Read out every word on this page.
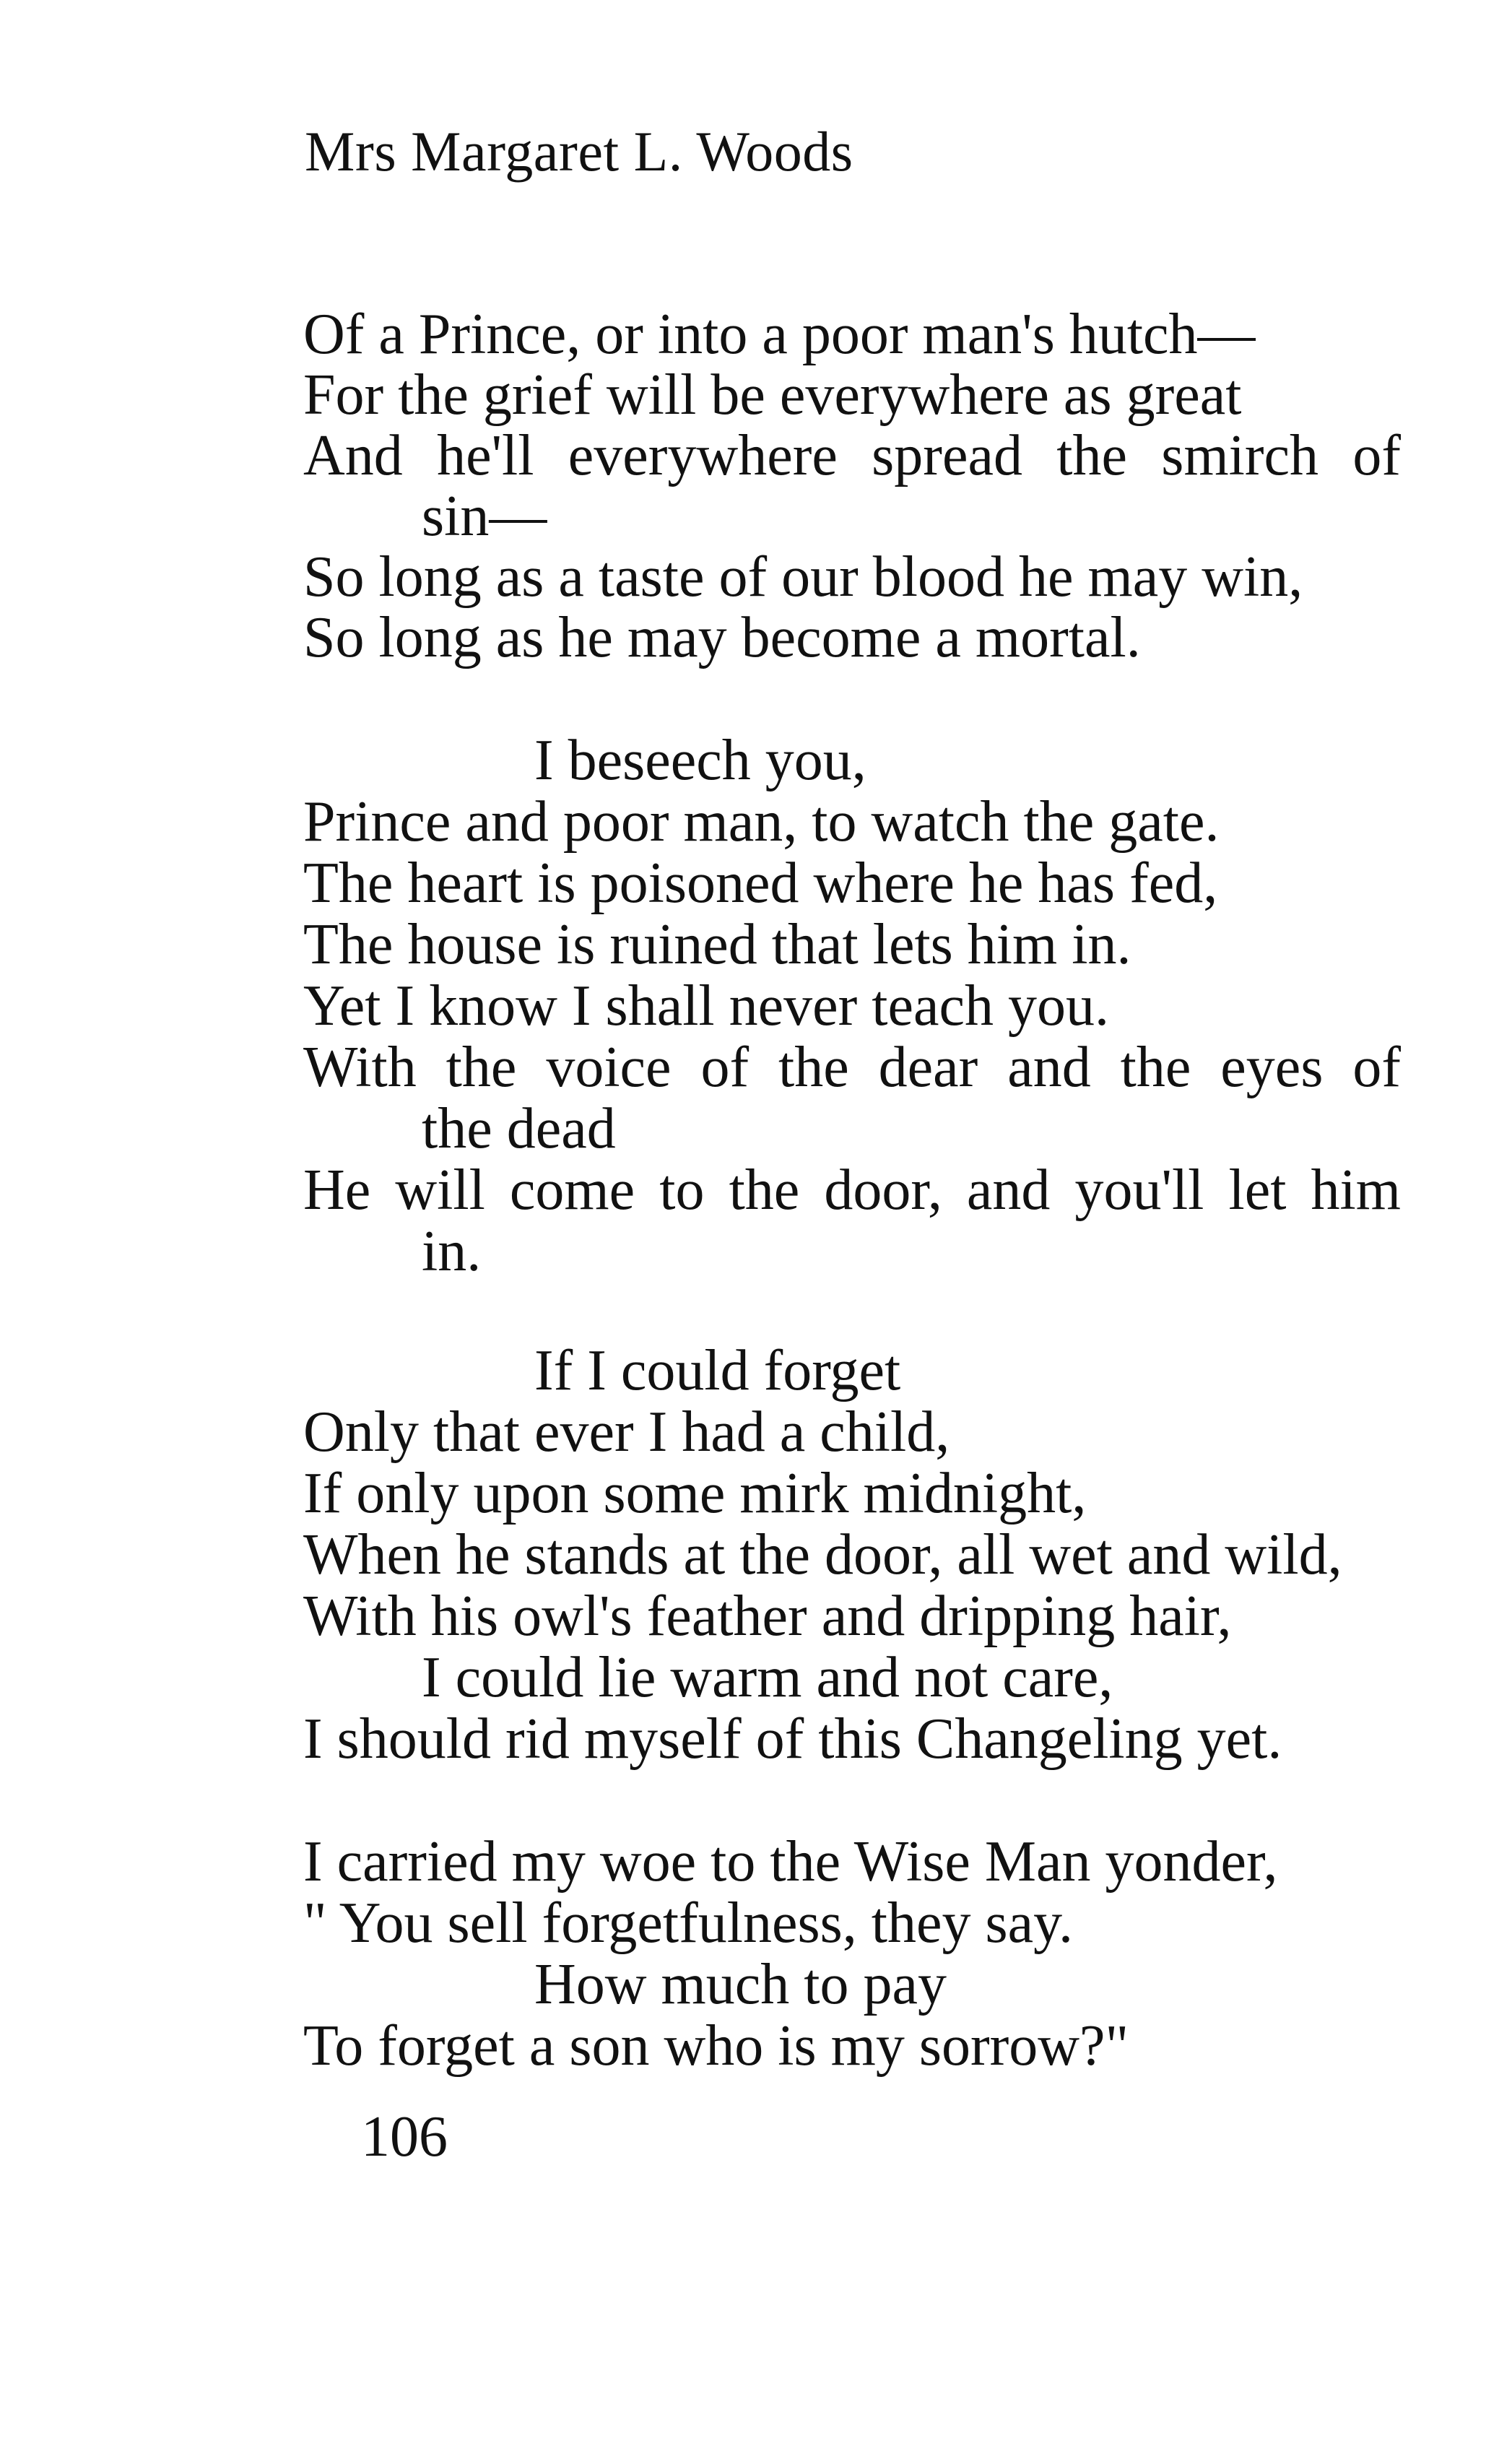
Mrs Margaret L. Woods
Of a Prince, or into a poor man's hutch—
For the grief will be everywhere as great
And he'll everywhere spread the smirch of
sin—
So long as a taste of our blood he may win,
So long as he may become a mortal.
I beseech you,
Prince and poor man, to watch the gate.
The heart is poisoned where he has fed,
The house is ruined that lets him in.
Yet I know I shall never teach you.
With the voice of the dear and the eyes of
the dead
He will come to the door, and you'll let him
in.
If I could forget
Only that ever I had a child,
If only upon some mirk midnight,
When he stands at the door, all wet and wild,
With his owl's feather and dripping hair,
I could lie warm and not care,
I should rid myself of this Changeling yet.
I carried my woe to the Wise Man yonder,
" You sell forgetfulness, they say.
How much to pay
To forget a son who is my sorrow?"
106
